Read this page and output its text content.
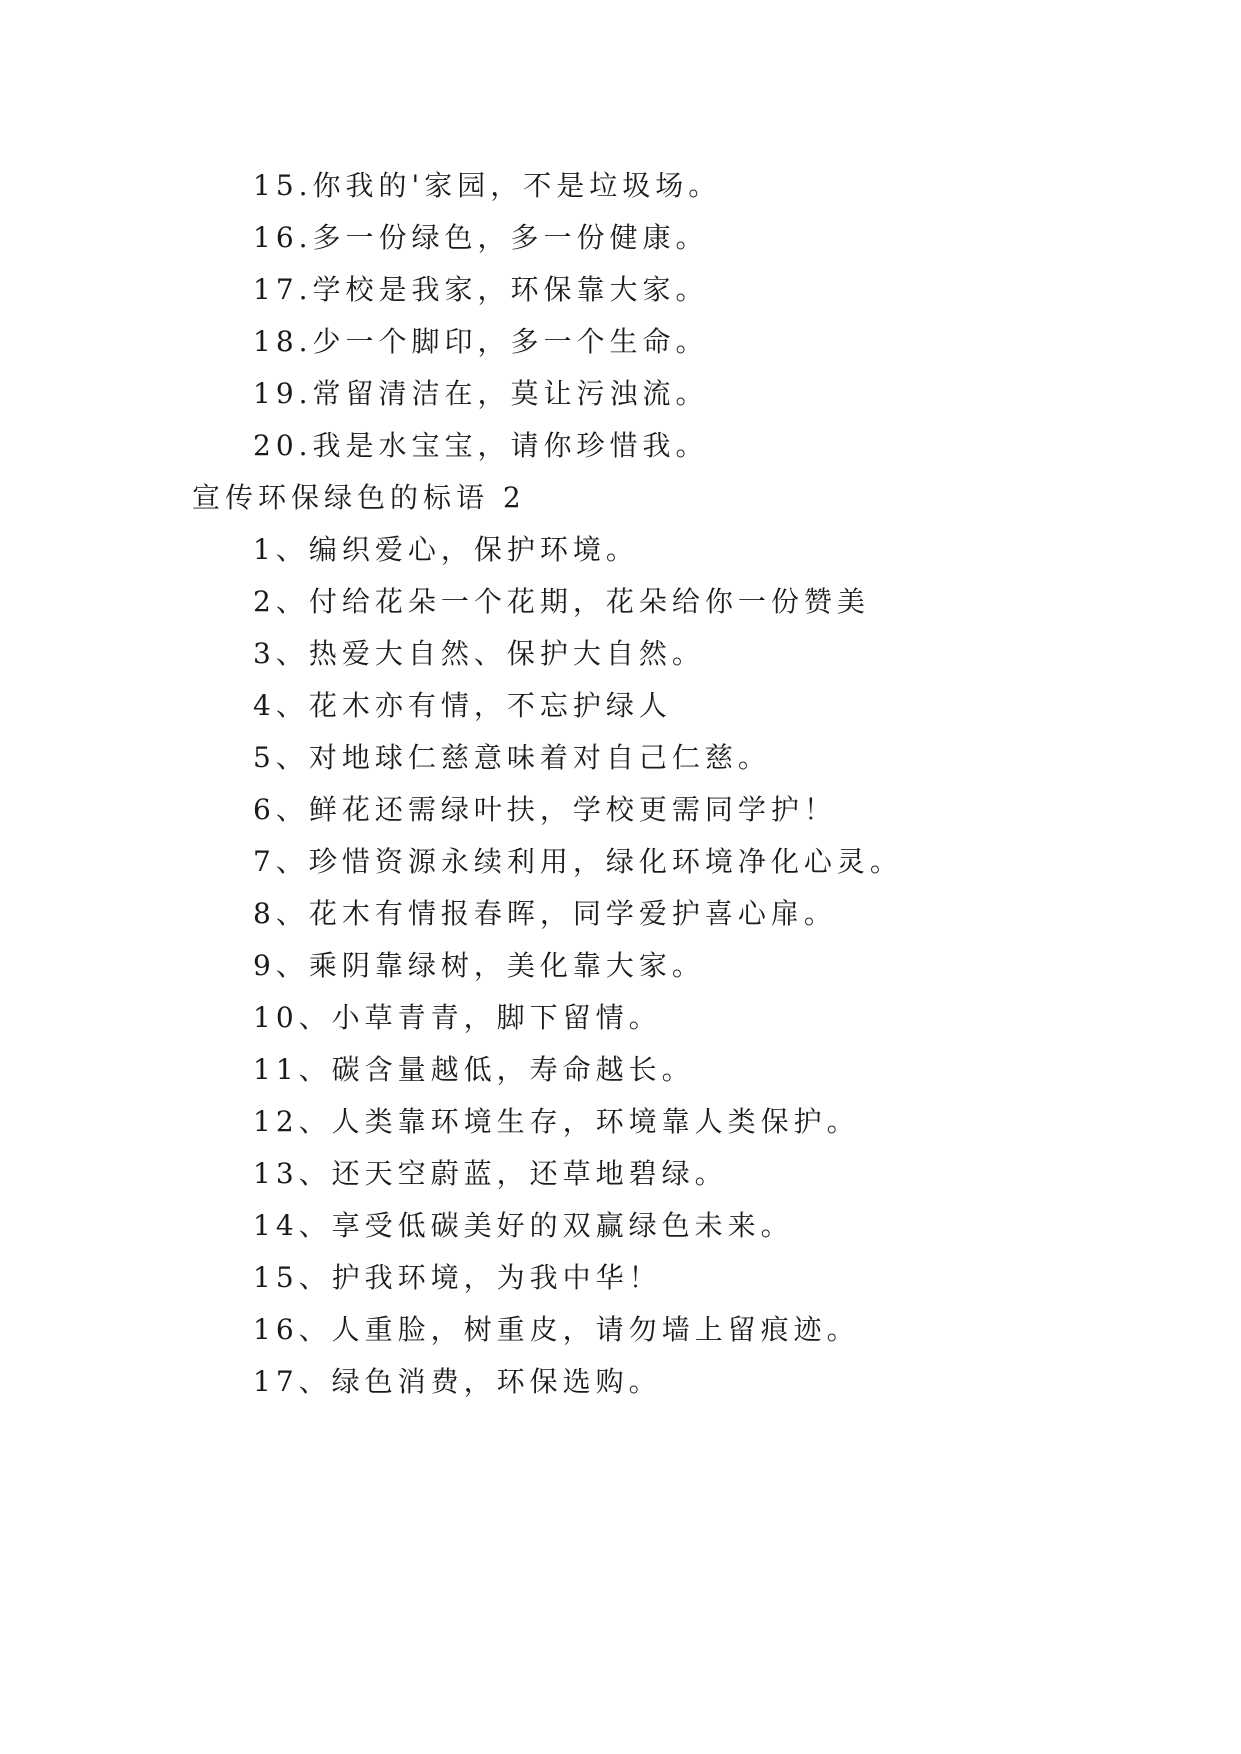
15.你我的'家园，不是垃圾场。
16.多一份绿色，多一份健康。
17.学校是我家，环保靠大家。
18.少一个脚印，多一个生命。
19.常留清洁在，莫让污浊流。
20.我是水宝宝，请你珍惜我。
宣传环保绿色的标语 2
1、编织爱心，保护环境。
2、付给花朵一个花期，花朵给你一份赞美
3、热爱大自然、保护大自然。
4、花木亦有情，不忘护绿人
5、对地球仁慈意味着对自己仁慈。
6、鲜花还需绿叶扶，学校更需同学护！
7、珍惜资源永续利用，绿化环境净化心灵。
8、花木有情报春晖，同学爱护喜心扉。
9、乘阴靠绿树，美化靠大家。
10、小草青青，脚下留情。
11、碳含量越低，寿命越长。
12、人类靠环境生存，环境靠人类保护。
13、还天空蔚蓝，还草地碧绿。
14、享受低碳美好的双赢绿色未来。
15、护我环境，为我中华！
16、人重脸，树重皮，请勿墙上留痕迹。
17、绿色消费，环保选购。
